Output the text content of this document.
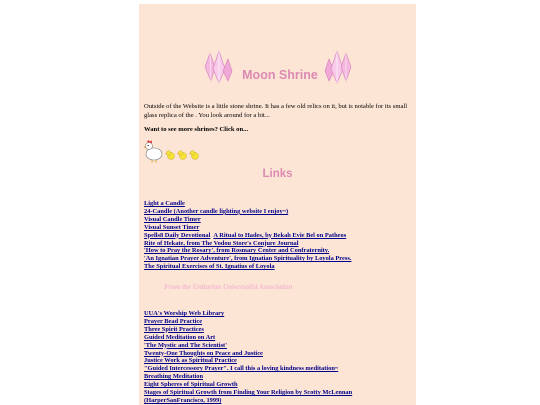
Moon Shrine
Outside of the Website is a little stone shrine. It has a few old relics on it, but is notable for its small glass replica of the . You look around for a bit...
Want to see more shrines? Click on...
Links
Light a Candle
24-Candle (Another candle lighting website I enjoy~)
Visual Candle Timer
Visual Sunset Timer
Spells8 Daily Devotional A Ritual to Hades, by Bekah Evie Bel on Patheos
Rite of Hekate, from The Vodou Store's Conjure Journal
'How to Pray the Rosary', from Rosmary Center and Confraternity.
'An Ignatian Prayer Adventure', from Ignatian Spirituality by Loyola Press.
The Spiritual Exercises of St. Ignatius of Loyola
From the Unitarian Universalist Association
UUA's Worship Web Library
Prayer Bead Practice
Three Spirit Practices
Guided Meditation on Art
'The Mystic and The Scientist'
Twenty-One Thoughts on Peace and Justice
Justice Work as Spiritual Practice
"Guided Intercessory Prayer". I call this a loving kindness meditation~
Breathing Meditation
Eight Spheres of Spiritual Growth
Stages of Spiritual Growth from Finding Your Religion by Scotty McLennan
(HarperSanFrancisco, 1999)
